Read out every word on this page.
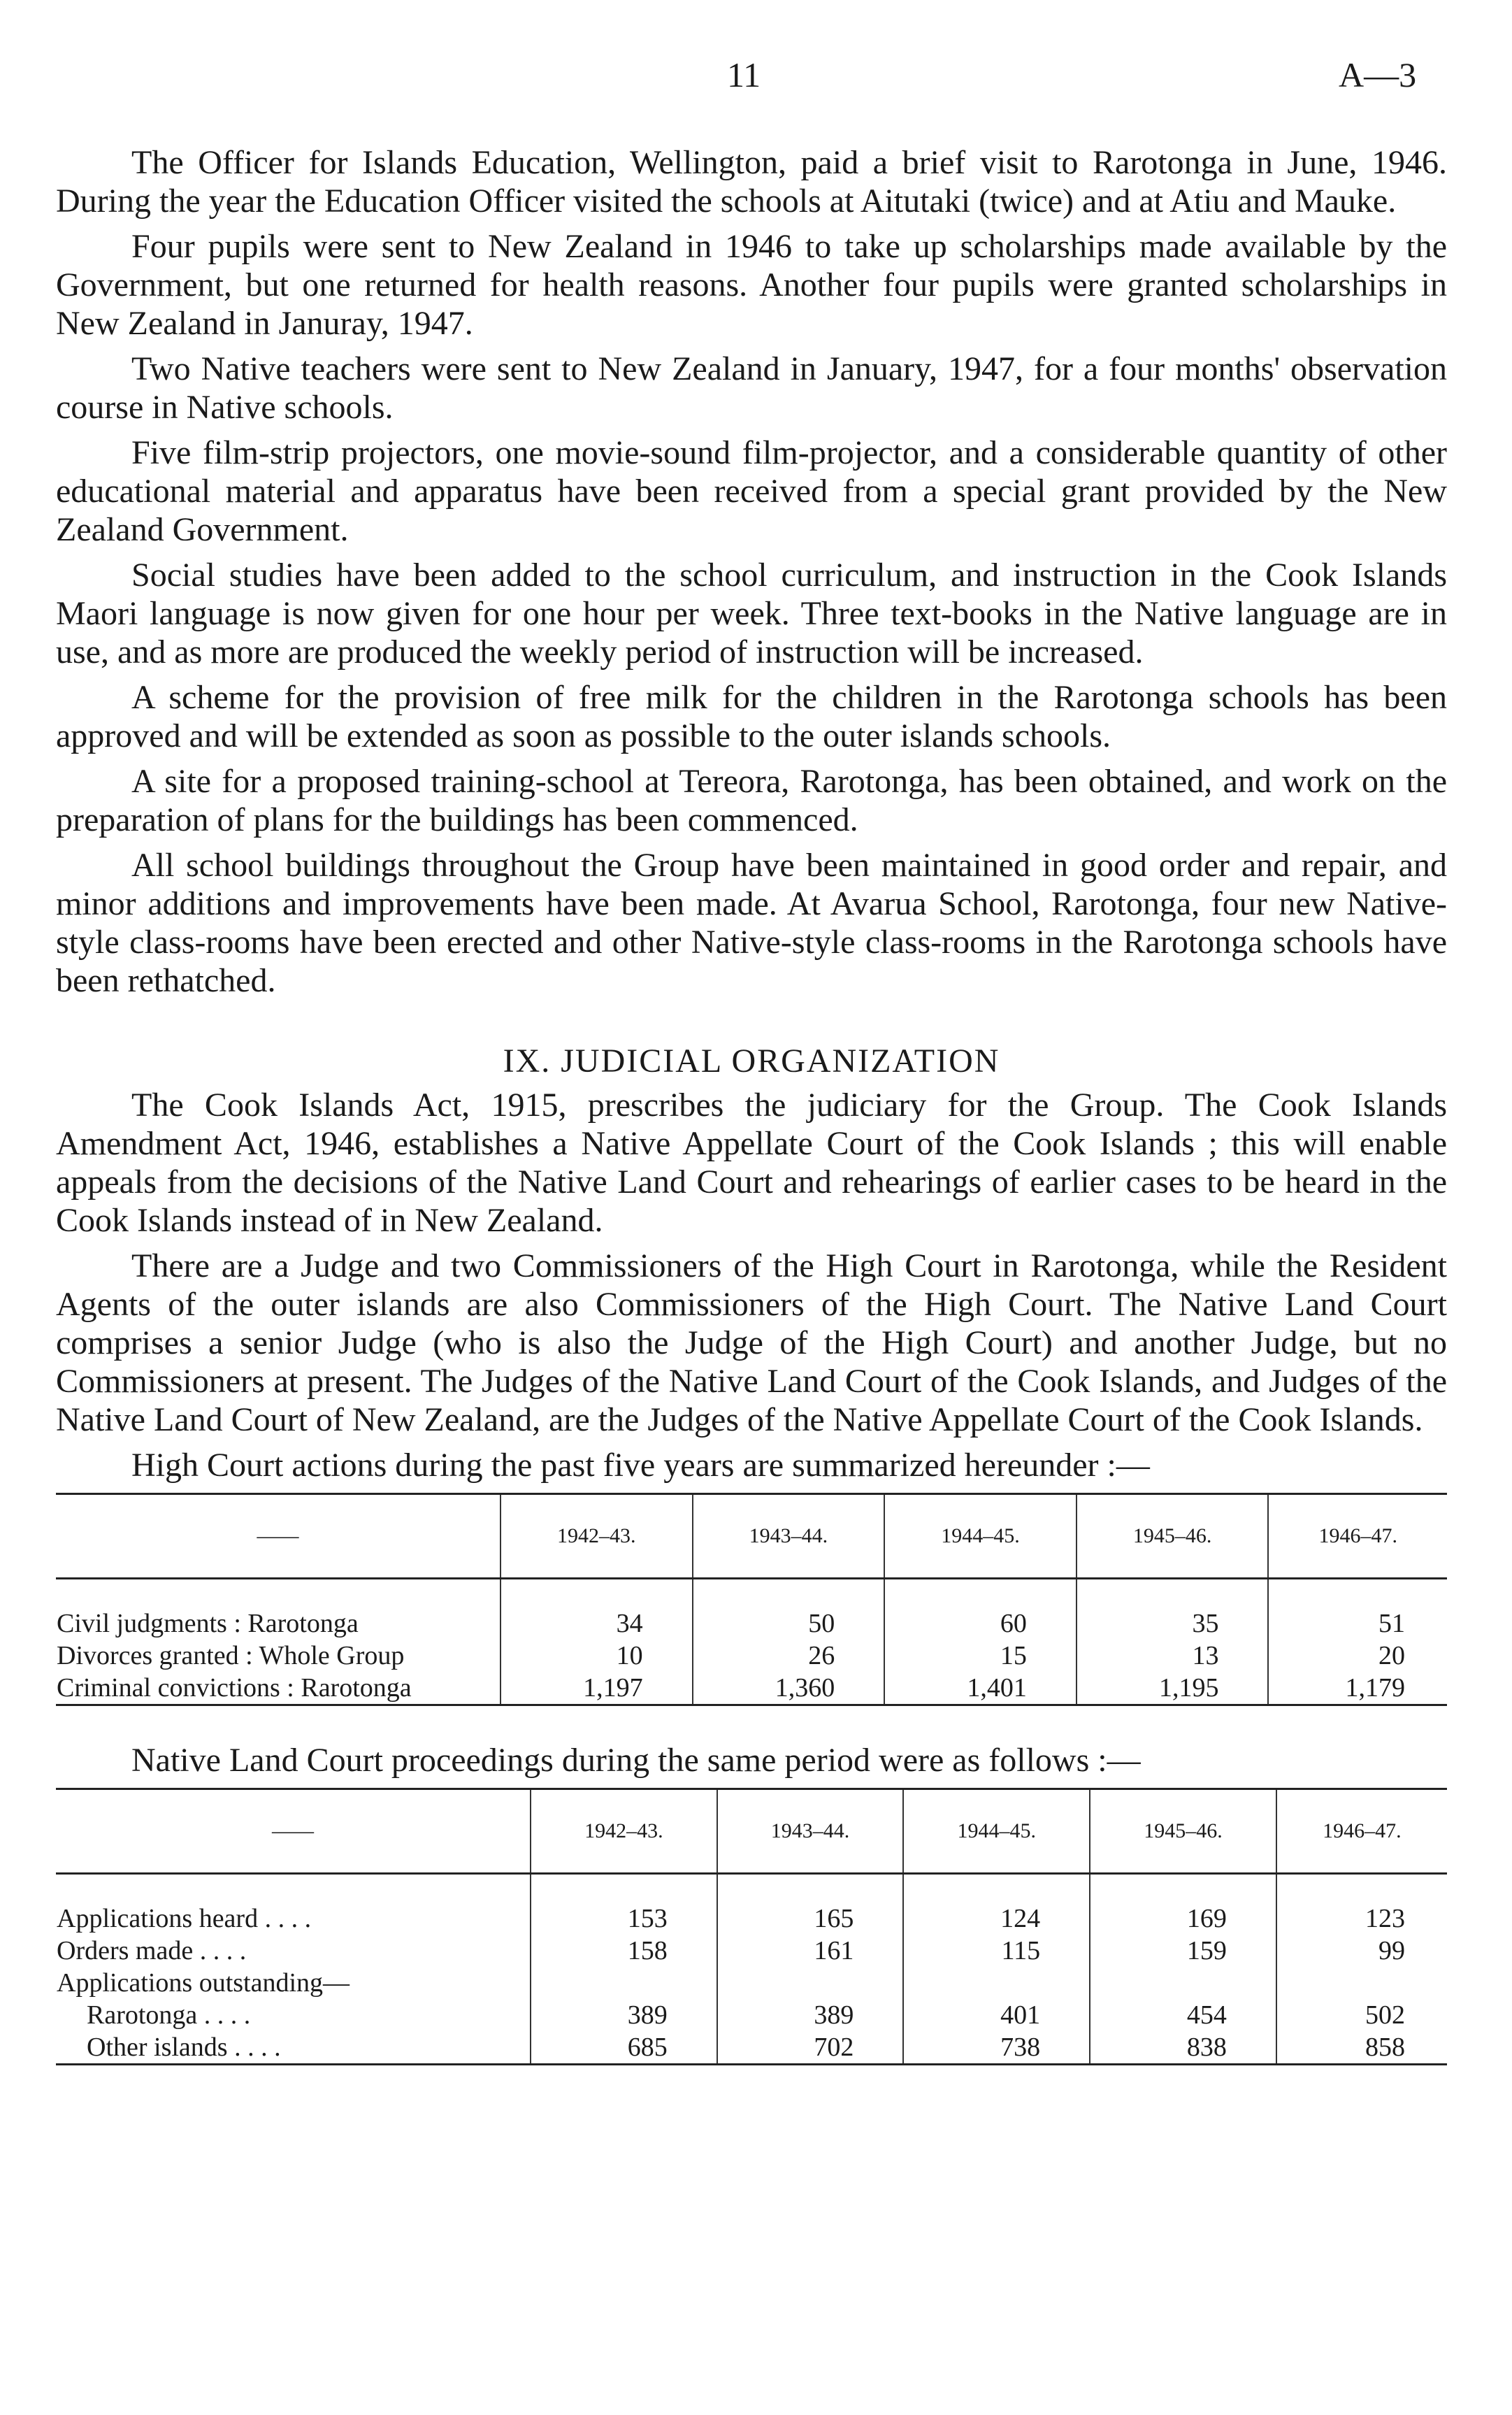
11	A—3

The Officer for Islands Education, Wellington, paid a brief visit to Rarotonga in June, 1946. During the year the Education Officer visited the schools at Aitutaki (twice) and at Atiu and Mauke.

Four pupils were sent to New Zealand in 1946 to take up scholarships made available by the Government, but one returned for health reasons. Another four pupils were granted scholarships in New Zealand in Januray, 1947.

Two Native teachers were sent to New Zealand in January, 1947, for a four months' observation course in Native schools.

Five film-strip projectors, one movie-sound film-projector, and a considerable quantity of other educational material and apparatus have been received from a special grant provided by the New Zealand Government.

Social studies have been added to the school curriculum, and instruction in the Cook Islands Maori language is now given for one hour per week. Three text-books in the Native language are in use, and as more are produced the weekly period of instruction will be increased.

A scheme for the provision of free milk for the children in the Rarotonga schools has been approved and will be extended as soon as possible to the outer islands schools.

A site for a proposed training-school at Tereora, Rarotonga, has been obtained, and work on the preparation of plans for the buildings has been commenced.

All school buildings throughout the Group have been maintained in good order and repair, and minor additions and improvements have been made. At Avarua School, Rarotonga, four new Native-style class-rooms have been erected and other Native-style class-rooms in the Rarotonga schools have been rethatched.

IX. JUDICIAL ORGANIZATION

The Cook Islands Act, 1915, prescribes the judiciary for the Group. The Cook Islands Amendment Act, 1946, establishes a Native Appellate Court of the Cook Islands ; this will enable appeals from the decisions of the Native Land Court and rehearings of earlier cases to be heard in the Cook Islands instead of in New Zealand.

There are a Judge and two Commissioners of the High Court in Rarotonga, while the Resident Agents of the outer islands are also Commissioners of the High Court. The Native Land Court comprises a senior Judge (who is also the Judge of the High Court) and another Judge, but no Commissioners at present. The Judges of the Native Land Court of the Cook Islands, and Judges of the Native Land Court of New Zealand, are the Judges of the Native Appellate Court of the Cook Islands.

High Court actions during the past five years are summarized hereunder :—

——	1942–43.	1943–44.	1944–45.	1945–46.	1946–47.

Civil judgments : Rarotonga	34	50	60	35	51
Divorces granted : Whole Group	10	26	15	13	20
Criminal convictions : Rarotonga	1,197	1,360	1,401	1,195	1,179

Native Land Court proceedings during the same period were as follows :—

——	1942–43.	1943–44.	1944–45.	1945–46.	1946–47.

Applications heard . . . .	153	165	124	169	123
Orders made . . . .	158	161	115	159	99
Applications outstanding—					
Rarotonga . . . .	389	389	401	454	502
Other islands . . . .	685	702	738	838	858
